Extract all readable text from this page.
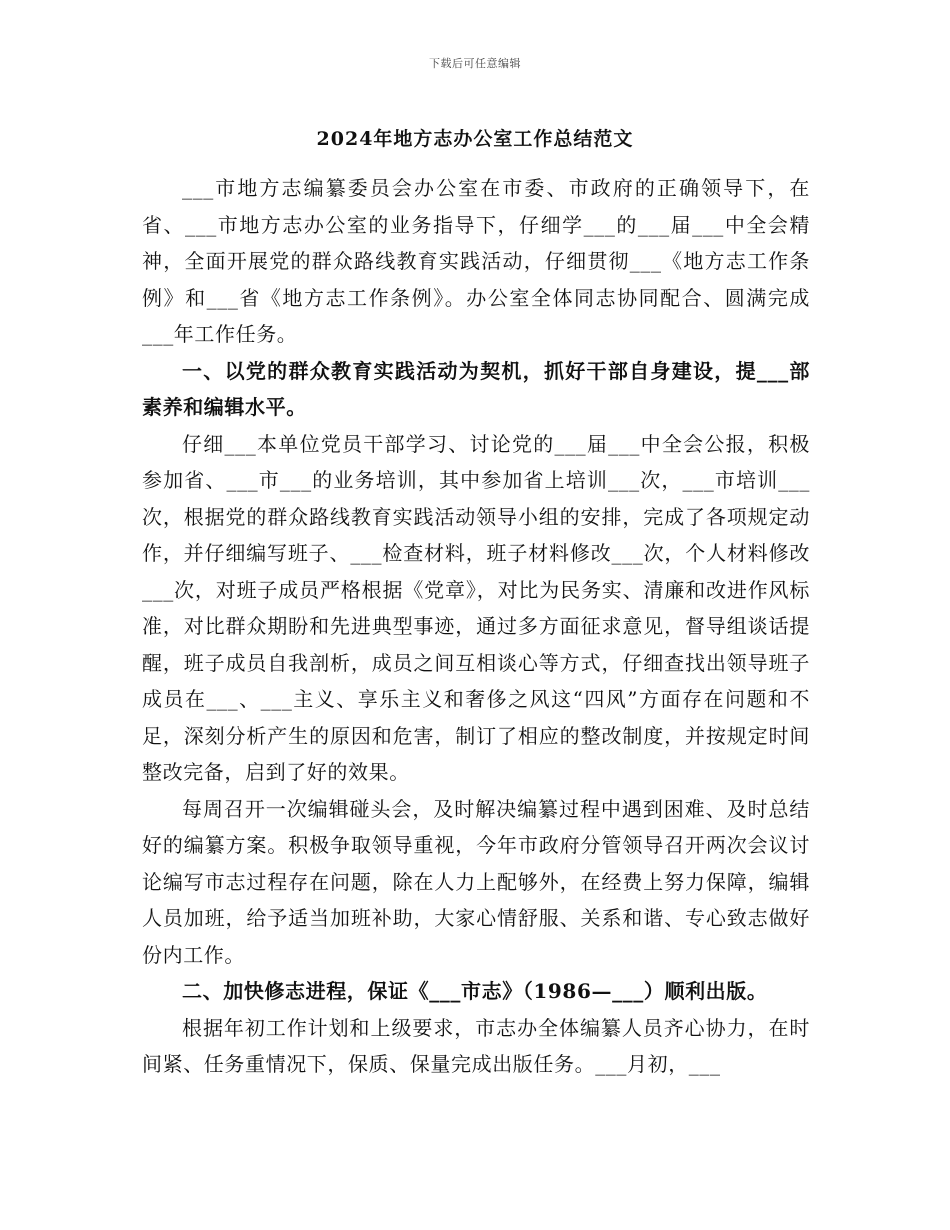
下载后可任意编辑
2024年地方志办公室工作总结范文

___市地方志编纂委员会办公室在市委、市政府的正确领导下，在省、___市地方志办公室的业务指导下，仔细学___的___届___中全会精神，全面开展党的群众路线教育实践活动，仔细贯彻___《地方志工作条例》和___省《地方志工作条例》。办公室全体同志协同配合、圆满完成___年工作任务。

一、以党的群众教育实践活动为契机，抓好干部自身建设，提___部素养和编辑水平。

仔细___本单位党员干部学习、讨论党的___届___中全会公报，积极参加省、___市___的业务培训，其中参加省上培训___次，___市培训___次，根据党的群众路线教育实践活动领导小组的安排，完成了各项规定动作，并仔细编写班子、___检查材料，班子材料修改___次，个人材料修改___次，对班子成员严格根据《党章》，对比为民务实、清廉和改进作风标准，对比群众期盼和先进典型事迹，通过多方面征求意见，督导组谈话提醒，班子成员自我剖析，成员之间互相谈心等方式，仔细查找出领导班子成员在___、___主义、享乐主义和奢侈之风这“四风”方面存在问题和不足，深刻分析产生的原因和危害，制订了相应的整改制度，并按规定时间整改完备，启到了好的效果。

每周召开一次编辑碰头会，及时解决编纂过程中遇到困难、及时总结好的编纂方案。积极争取领导重视，今年市政府分管领导召开两次会议讨论编写市志过程存在问题，除在人力上配够外，在经费上努力保障，编辑人员加班，给予适当加班补助，大家心情舒服、关系和谐、专心致志做好份内工作。

二、加快修志进程，保证《___市志》（1986—___）顺利出版。

根据年初工作计划和上级要求，市志办全体编纂人员齐心协力，在时间紧、任务重情况下，保质、保量完成出版任务。___月初，___
